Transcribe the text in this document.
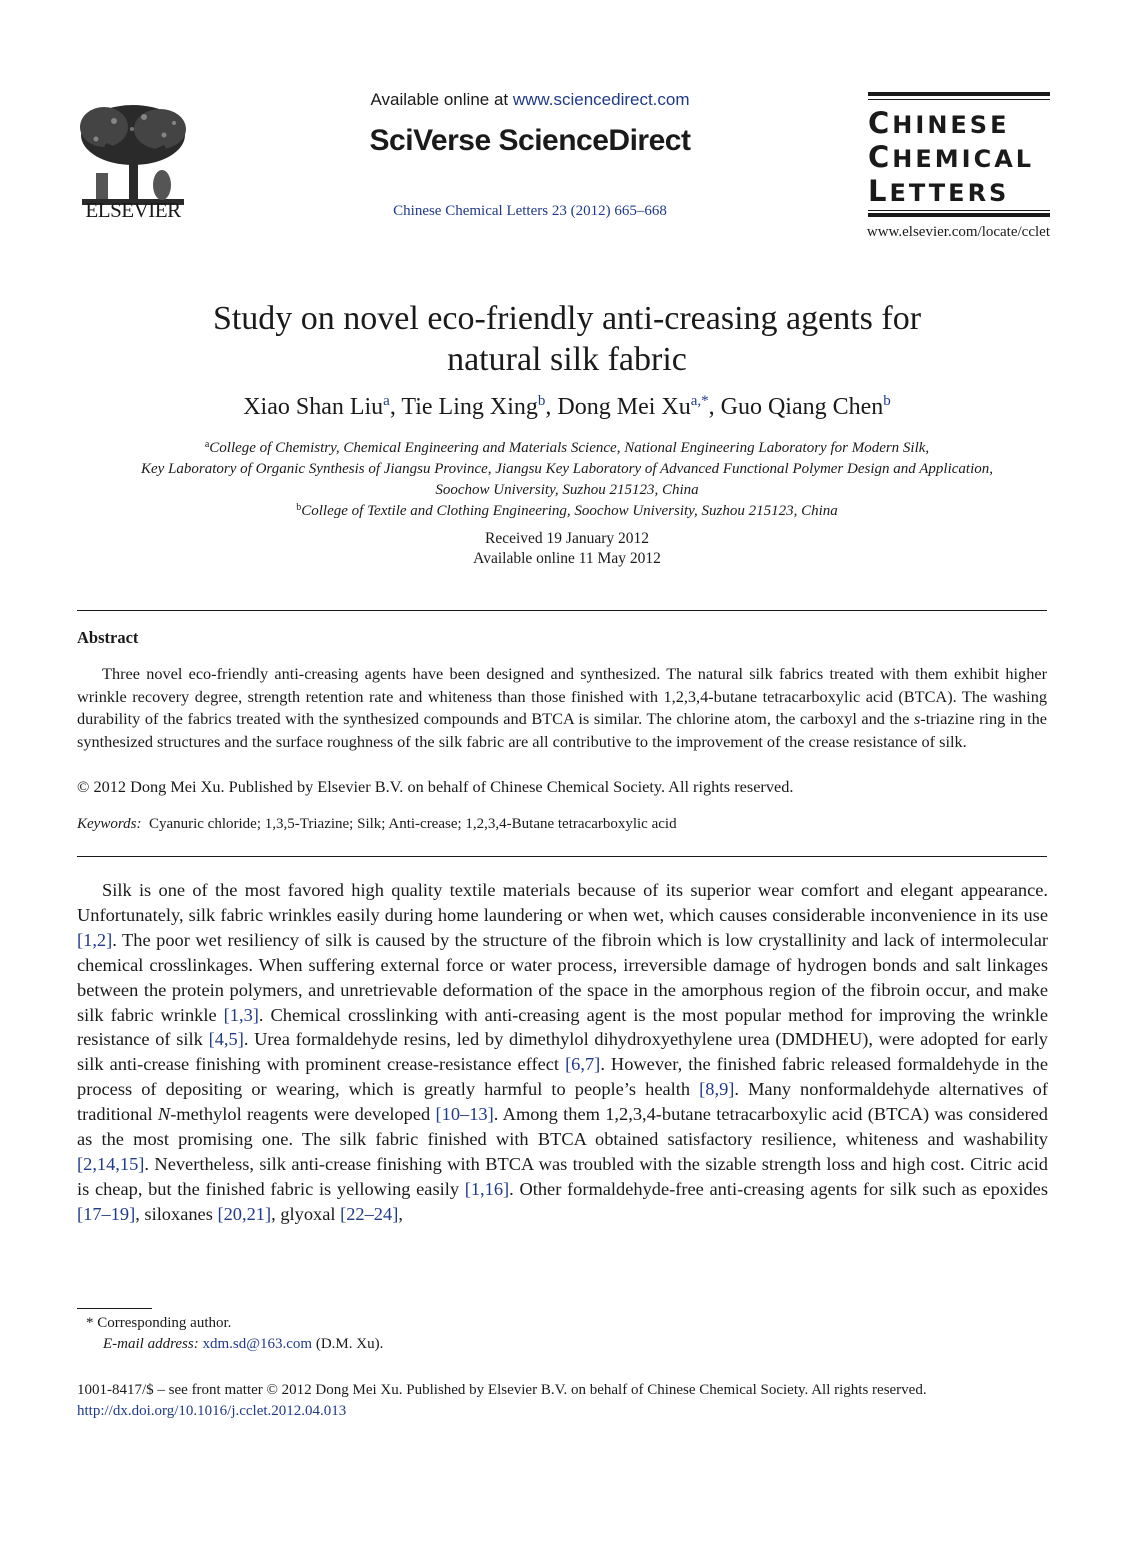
ELSEVIER
Available online at www.sciencedirect.com
SciVerse ScienceDirect
Chinese Chemical Letters 23 (2012) 665–668
CHINESE
CHEMICAL
LETTERS
www.elsevier.com/locate/cclet
Study on novel eco-friendly anti-creasing agents for
natural silk fabric
Xiao Shan Liu$^a$, Tie Ling Xing$^b$, Dong Mei Xu$^{a,*}$, Guo Qiang Chen$^b$
$^a$College of Chemistry, Chemical Engineering and Materials Science, National Engineering Laboratory for Modern Silk,
Key Laboratory of Organic Synthesis of Jiangsu Province, Jiangsu Key Laboratory of Advanced Functional Polymer Design and Application,
Soochow University, Suzhou 215123, China
$^b$College of Textile and Clothing Engineering, Soochow University, Suzhou 215123, China
Received 19 January 2012
Available online 11 May 2012
Abstract
Three novel eco-friendly anti-creasing agents have been designed and synthesized. The natural silk fabrics treated with them exhibit higher wrinkle recovery degree, strength retention rate and whiteness than those finished with 1,2,3,4-butane tetracarboxylic acid (BTCA). The washing durability of the fabrics treated with the synthesized compounds and BTCA is similar. The chlorine atom, the carboxyl and the s-triazine ring in the synthesized structures and the surface roughness of the silk fabric are all contributive to the improvement of the crease resistance of silk.
© 2012 Dong Mei Xu. Published by Elsevier B.V. on behalf of Chinese Chemical Society. All rights reserved.
Keywords: Cyanuric chloride; 1,3,5-Triazine; Silk; Anti-crease; 1,2,3,4-Butane tetracarboxylic acid
Silk is one of the most favored high quality textile materials because of its superior wear comfort and elegant appearance. Unfortunately, silk fabric wrinkles easily during home laundering or when wet, which causes considerable inconvenience in its use [1,2]. The poor wet resiliency of silk is caused by the structure of the fibroin which is low crystallinity and lack of intermolecular chemical crosslinkages. When suffering external force or water process, irreversible damage of hydrogen bonds and salt linkages between the protein polymers, and unretrievable deformation of the space in the amorphous region of the fibroin occur, and make silk fabric wrinkle [1,3]. Chemical crosslinking with anti-creasing agent is the most popular method for improving the wrinkle resistance of silk [4,5]. Urea formaldehyde resins, led by dimethylol dihydroxyethylene urea (DMDHEU), were adopted for early silk anti-crease finishing with prominent crease-resistance effect [6,7]. However, the finished fabric released formaldehyde in the process of depositing or wearing, which is greatly harmful to people’s health [8,9]. Many nonformaldehyde alternatives of traditional N-methylol reagents were developed [10–13]. Among them 1,2,3,4-butane tetracarboxylic acid (BTCA) was considered as the most promising one. The silk fabric finished with BTCA obtained satisfactory resilience, whiteness and washability [2,14,15]. Nevertheless, silk anti-crease finishing with BTCA was troubled with the sizable strength loss and high cost. Citric acid is cheap, but the finished fabric is yellowing easily [1,16]. Other formaldehyde-free anti-creasing agents for silk such as epoxides [17–19], siloxanes [20,21], glyoxal [22–24],
* Corresponding author.
E-mail address: xdm.sd@163.com (D.M. Xu).
1001-8417/$ – see front matter © 2012 Dong Mei Xu. Published by Elsevier B.V. on behalf of Chinese Chemical Society. All rights reserved.
http://dx.doi.org/10.1016/j.cclet.2012.04.013
